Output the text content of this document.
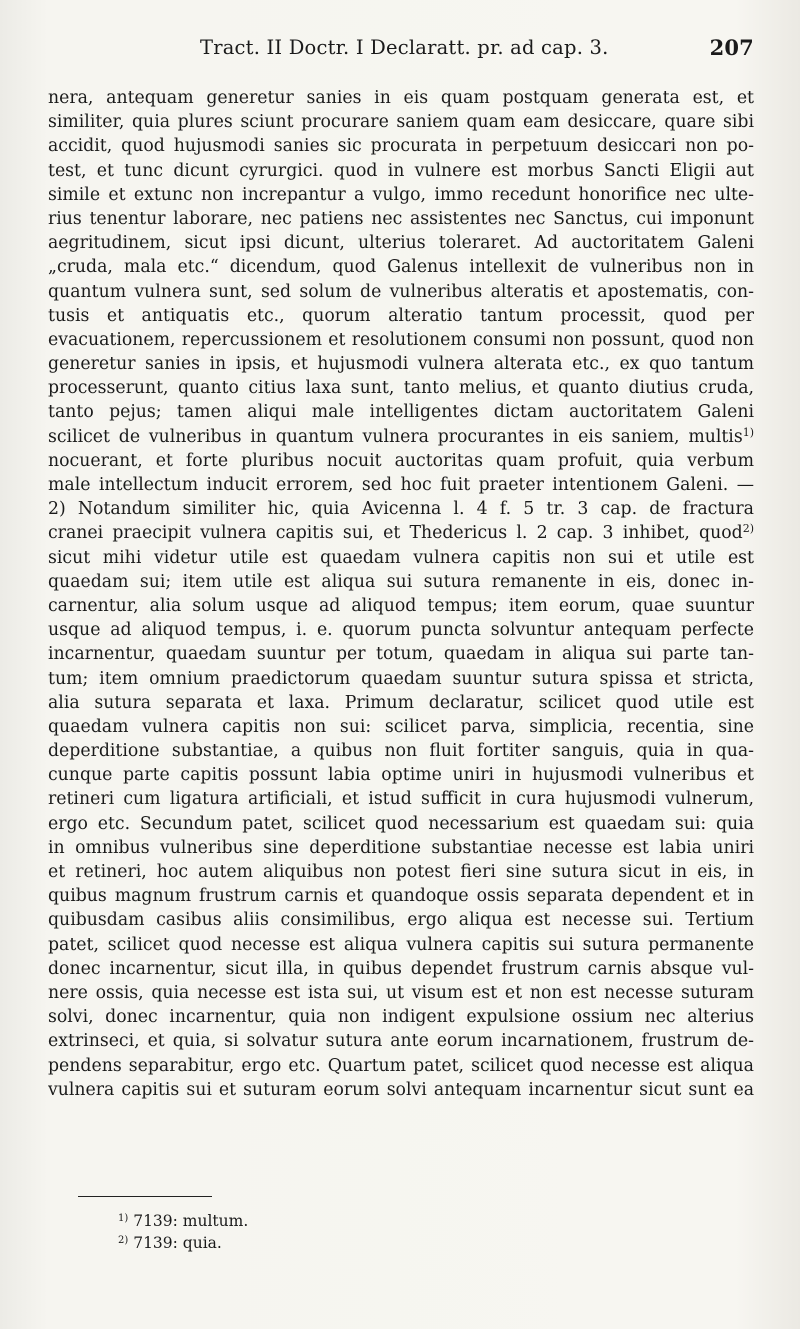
Tract. II Doctr. I Declaratt. pr. ad cap. 3.	207
nera, antequam generetur sanies in eis quam postquam generata est, et
similiter, quia plures sciunt procurare saniem quam eam desiccare, quare sibi
accidit, quod hujusmodi sanies sic procurata in perpetuum desiccari non po-
test, et tunc dicunt cyrurgici. quod in vulnere est morbus Sancti Eligii aut
simile et extunc non increpantur a vulgo, immo recedunt honorifice nec ulte-
rius tenentur laborare, nec patiens nec assistentes nec Sanctus, cui imponunt
aegritudinem, sicut ipsi dicunt, ulterius toleraret. Ad auctoritatem Galeni
„cruda, mala etc.“ dicendum, quod Galenus intellexit de vulneribus non in
quantum vulnera sunt, sed solum de vulneribus alteratis et apostematis, con-
tusis et antiquatis etc., quorum alteratio tantum processit, quod per
evacuationem, repercussionem et resolutionem consumi non possunt, quod non
generetur sanies in ipsis, et hujusmodi vulnera alterata etc., ex quo tantum
processerunt, quanto citius laxa sunt, tanto melius, et quanto diutius cruda,
tanto pejus; tamen aliqui male intelligentes dictam auctoritatem Galeni
scilicet de vulneribus in quantum vulnera procurantes in eis saniem, multis$^{1)}$
nocuerant, et forte pluribus nocuit auctoritas quam profuit, quia verbum
male intellectum inducit errorem, sed hoc fuit praeter intentionem Galeni. —
2) Notandum similiter hic, quia Avicenna l. 4 f. 5 tr. 3 cap. de fractura
cranei praecipit vulnera capitis sui, et Thedericus l. 2 cap. 3 inhibet, quod$^{2)}$
sicut mihi videtur utile est quaedam vulnera capitis non sui et utile est
quaedam sui; item utile est aliqua sui sutura remanente in eis, donec in-
carnentur, alia solum usque ad aliquod tempus; item eorum, quae suuntur
usque ad aliquod tempus, i. e. quorum puncta solvuntur antequam perfecte
incarnentur, quaedam suuntur per totum, quaedam in aliqua sui parte tan-
tum; item omnium praedictorum quaedam suuntur sutura spissa et stricta,
alia sutura separata et laxa. Primum declaratur, scilicet quod utile est
quaedam vulnera capitis non sui: scilicet parva, simplicia, recentia, sine
deperditione substantiae, a quibus non fluit fortiter sanguis, quia in qua-
cunque parte capitis possunt labia optime uniri in hujusmodi vulneribus et
retineri cum ligatura artificiali, et istud sufficit in cura hujusmodi vulnerum,
ergo etc. Secundum patet, scilicet quod necessarium est quaedam sui: quia
in omnibus vulneribus sine deperditione substantiae necesse est labia uniri
et retineri, hoc autem aliquibus non potest fieri sine sutura sicut in eis, in
quibus magnum frustrum carnis et quandoque ossis separata dependent et in
quibusdam casibus aliis consimilibus, ergo aliqua est necesse sui. Tertium
patet, scilicet quod necesse est aliqua vulnera capitis sui sutura permanente
donec incarnentur, sicut illa, in quibus dependet frustrum carnis absque vul-
nere ossis, quia necesse est ista sui, ut visum est et non est necesse suturam
solvi, donec incarnentur, quia non indigent expulsione ossium nec alterius
extrinseci, et quia, si solvatur sutura ante eorum incarnationem, frustrum de-
pendens separabitur, ergo etc. Quartum patet, scilicet quod necesse est aliqua
vulnera capitis sui et suturam eorum solvi antequam incarnentur sicut sunt ea
$^{1)}$ 7139: multum.
$^{2)}$ 7139: quia.
